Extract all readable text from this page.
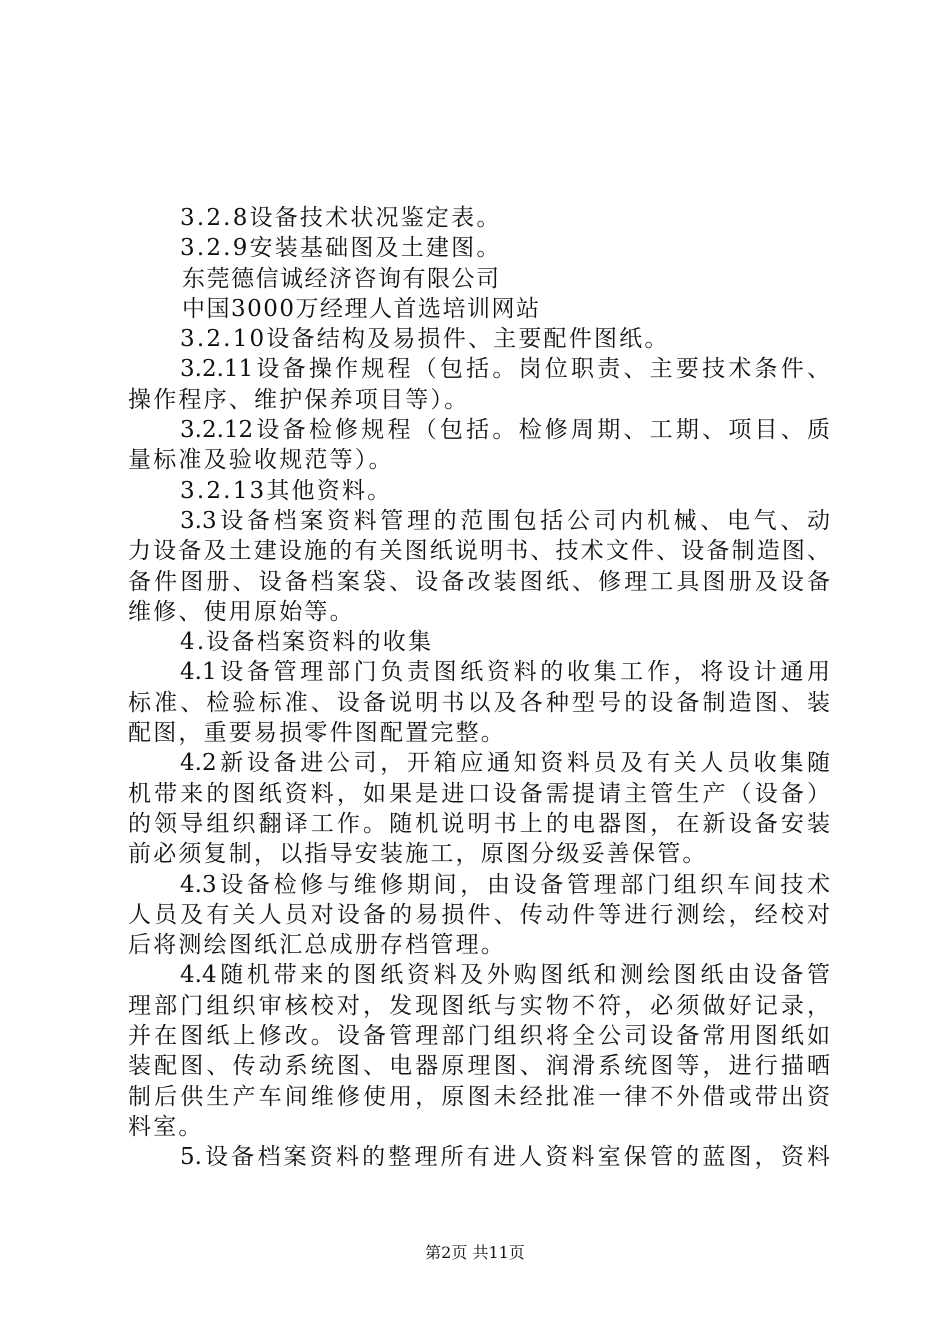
3.2.8设备技术状况鉴定表。
3.2.9安装基础图及土建图。
东莞德信诚经济咨询有限公司
中国3000万经理人首选培训网站
3.2.10设备结构及易损件、主要配件图纸。
3.2.11设备操作规程（包括。岗位职责、主要技术条件、
操作程序、维护保养项目等）。
3.2.12设备检修规程（包括。检修周期、工期、项目、质
量标准及验收规范等）。
3.2.13其他资料。
3.3设备档案资料管理的范围包括公司内机械、电气、动
力设备及土建设施的有关图纸说明书、技术文件、设备制造图、
备件图册、设备档案袋、设备改装图纸、修理工具图册及设备
维修、使用原始等。
4.设备档案资料的收集
4.1设备管理部门负责图纸资料的收集工作，将设计通用
标准、检验标准、设备说明书以及各种型号的设备制造图、装
配图，重要易损零件图配置完整。
4.2新设备进公司，开箱应通知资料员及有关人员收集随
机带来的图纸资料，如果是进口设备需提请主管生产（设备）
的领导组织翻译工作。随机说明书上的电器图，在新设备安装
前必须复制，以指导安装施工，原图分级妥善保管。
4.3设备检修与维修期间，由设备管理部门组织车间技术
人员及有关人员对设备的易损件、传动件等进行测绘，经校对
后将测绘图纸汇总成册存档管理。
4.4随机带来的图纸资料及外购图纸和测绘图纸由设备管
理部门组织审核校对，发现图纸与实物不符，必须做好记录，
并在图纸上修改。设备管理部门组织将全公司设备常用图纸如
装配图、传动系统图、电器原理图、润滑系统图等，进行描晒
制后供生产车间维修使用，原图未经批准一律不外借或带出资
料室。
5.设备档案资料的整理所有进人资料室保管的蓝图，资料
第2页 共11页
